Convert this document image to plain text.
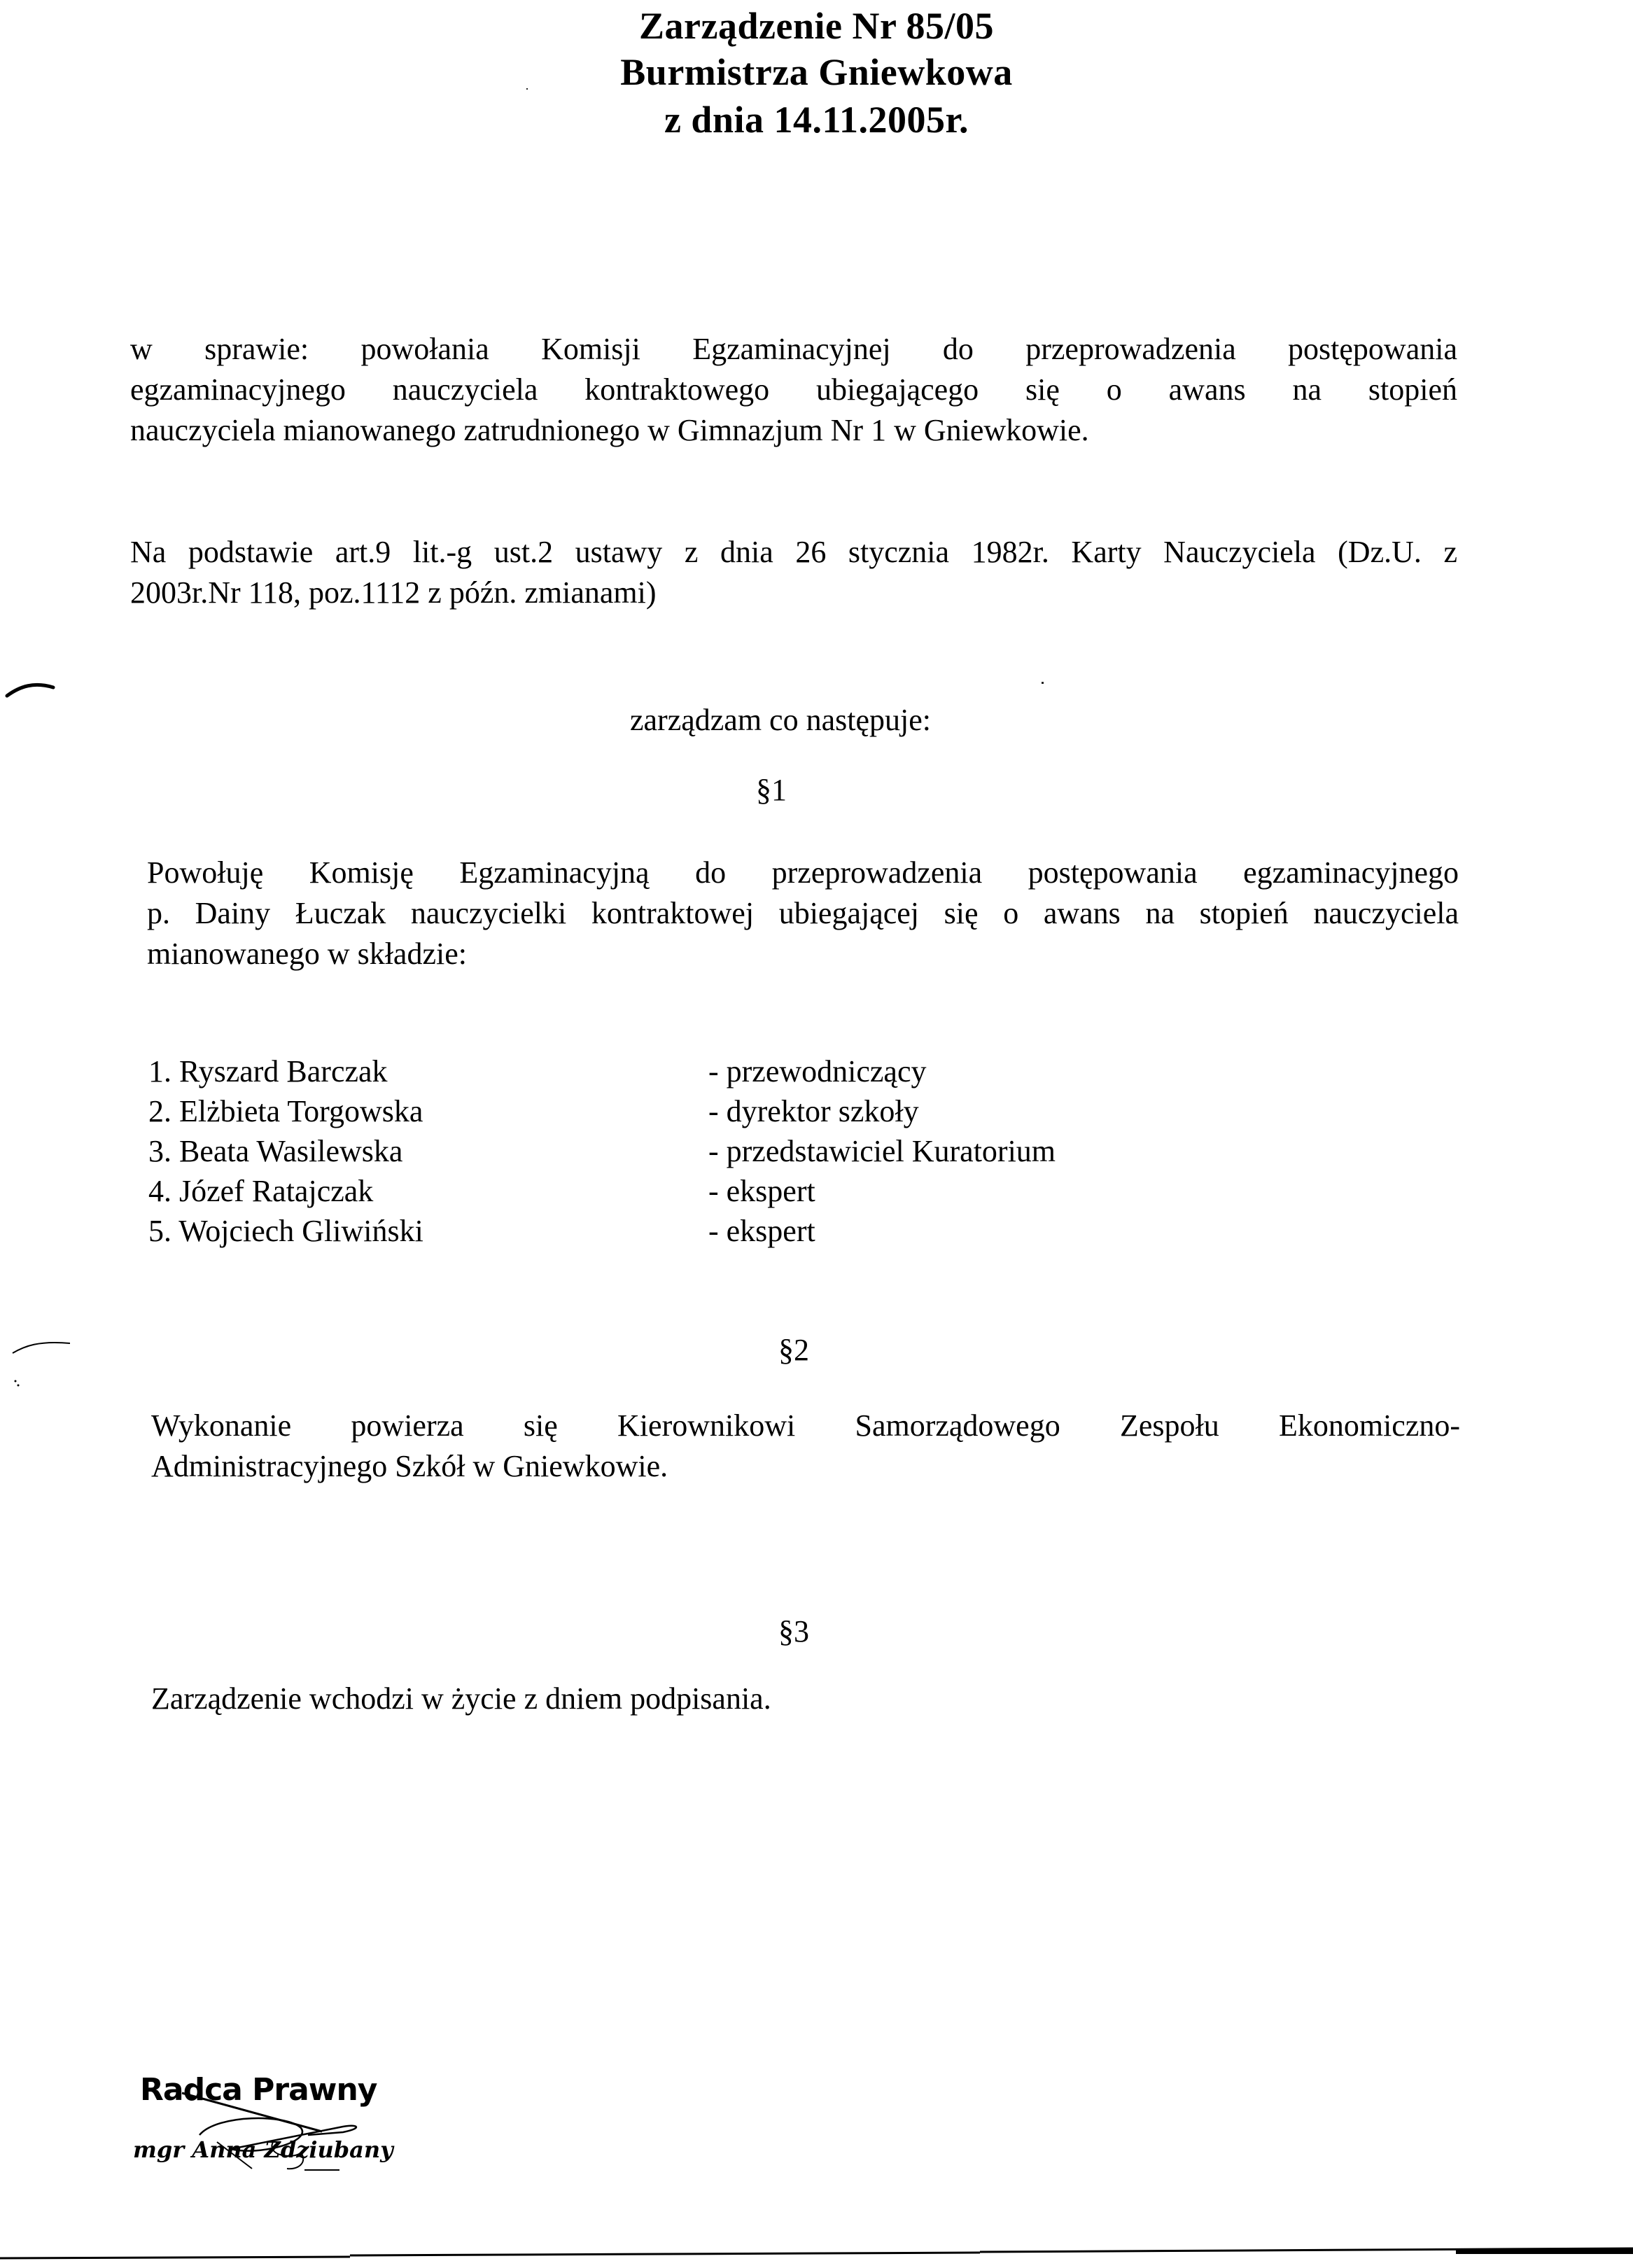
Zarządzenie Nr 85/05
Burmistrza Gniewkowa
z dnia 14.11.2005r.
w sprawie: powołania Komisji Egzaminacyjnej do przeprowadzenia postępowania
egzaminacyjnego nauczyciela kontraktowego ubiegającego się o awans na stopień
nauczyciela mianowanego zatrudnionego w Gimnazjum Nr 1 w Gniewkowie.
Na podstawie art.9 lit.-g ust.2 ustawy z dnia 26 stycznia 1982r. Karty Nauczyciela (Dz.U. z
2003r.Nr 118, poz.1112 z późn. zmianami)
zarządzam co następuje:
§1
Powołuję Komisję Egzaminacyjną do przeprowadzenia postępowania egzaminacyjnego
p. Dainy Łuczak nauczycielki kontraktowej ubiegającej się o awans na stopień nauczyciela
mianowanego w składzie:
1. Ryszard Barczak	- przewodniczący
2. Elżbieta Torgowska	- dyrektor szkoły
3. Beata Wasilewska	- przedstawiciel Kuratorium
4. Józef Ratajczak	- ekspert
5. Wojciech Gliwiński	- ekspert
§2
Wykonanie powierza się Kierownikowi Samorządowego Zespołu Ekonomiczno-
Administracyjnego Szkół w Gniewkowie.
§3
Zarządzenie wchodzi w życie z dniem podpisania.
Radca Prawny
mgr Anna Zdziubany
